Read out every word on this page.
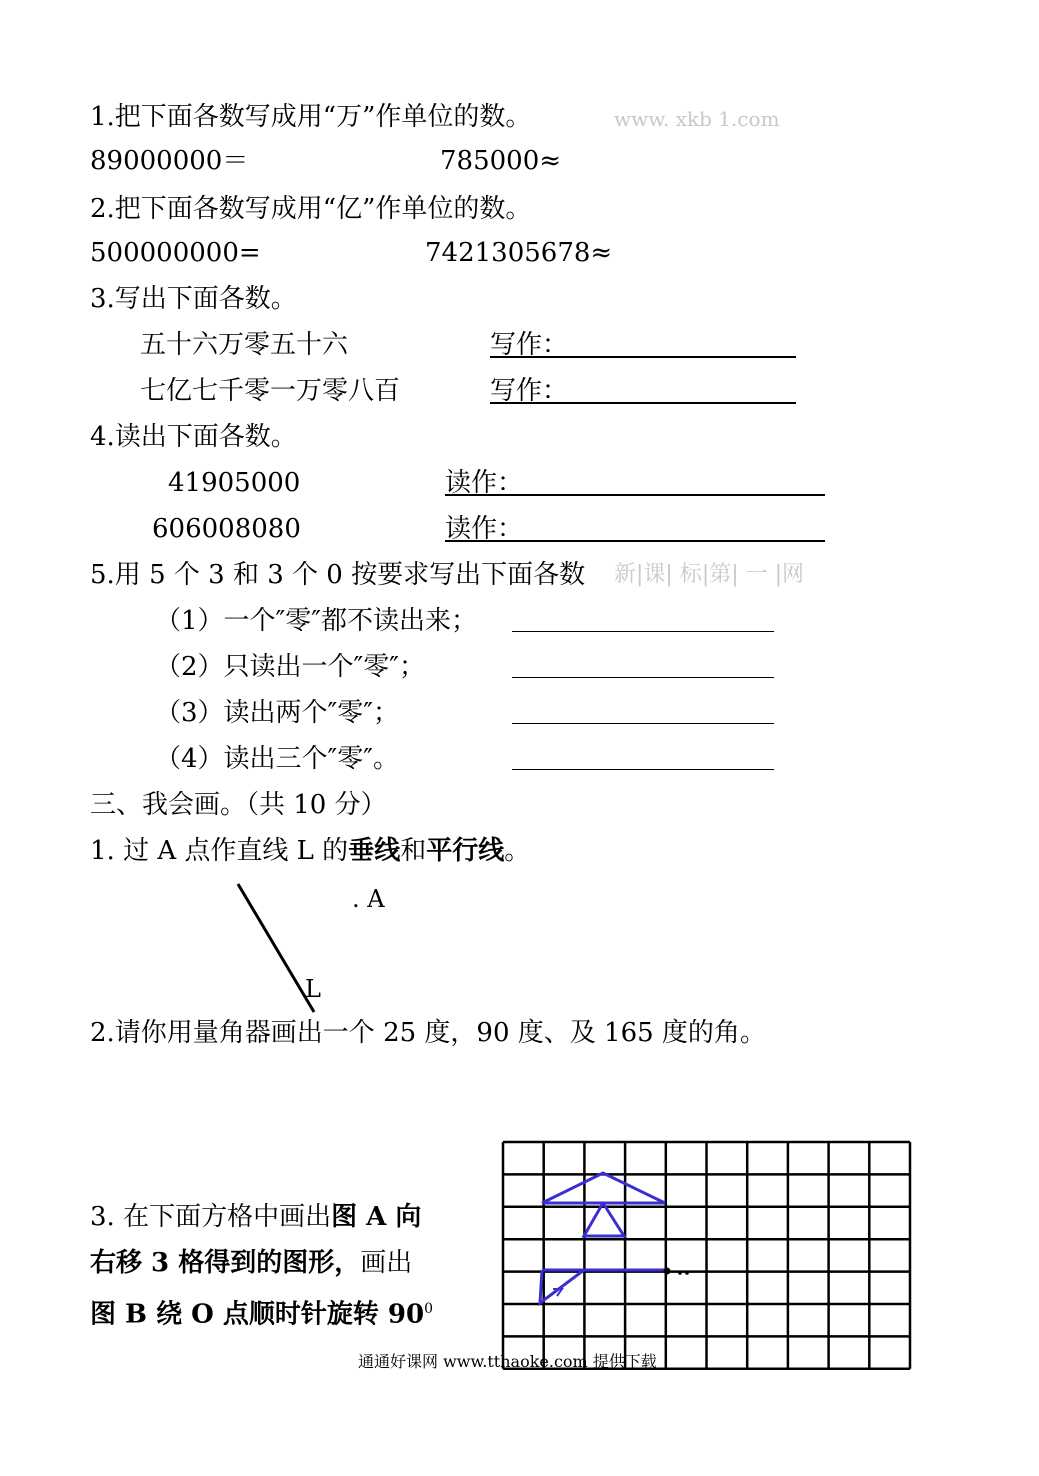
1.把下面各数写成用“万”作单位的数。	www. xkb 1.com
89000000＝	785000≈
2.把下面各数写成用“亿”作单位的数。
500000000=	7421305678≈
3.写出下面各数。
五十六万零五十六	写作：
七亿七千零一万零八百	写作：
4.读出下面各数。
41905000	读作：
606008080	读作：
5.用 5 个 3 和 3 个 0 按要求写出下面各数 新|课| 标|第| 一 |网
（1）一个″零″都不读出来；
（2）只读出一个″零″；
（3）读出两个″零″；
（4）读出三个″零″。
三、我会画。（共 10 分）
1. 过 A 点作直线 L 的垂线和平行线。
. A
L
2.请你用量角器画出一个 25 度，90 度、及 165 度的角。
3. 在下面方格中画出图 A 向
右移 3 格得到的图形，画出
图 B 绕 O 点顺时针旋转 $90^0$
通通好课网 www.tthaoke.com 提供下载
